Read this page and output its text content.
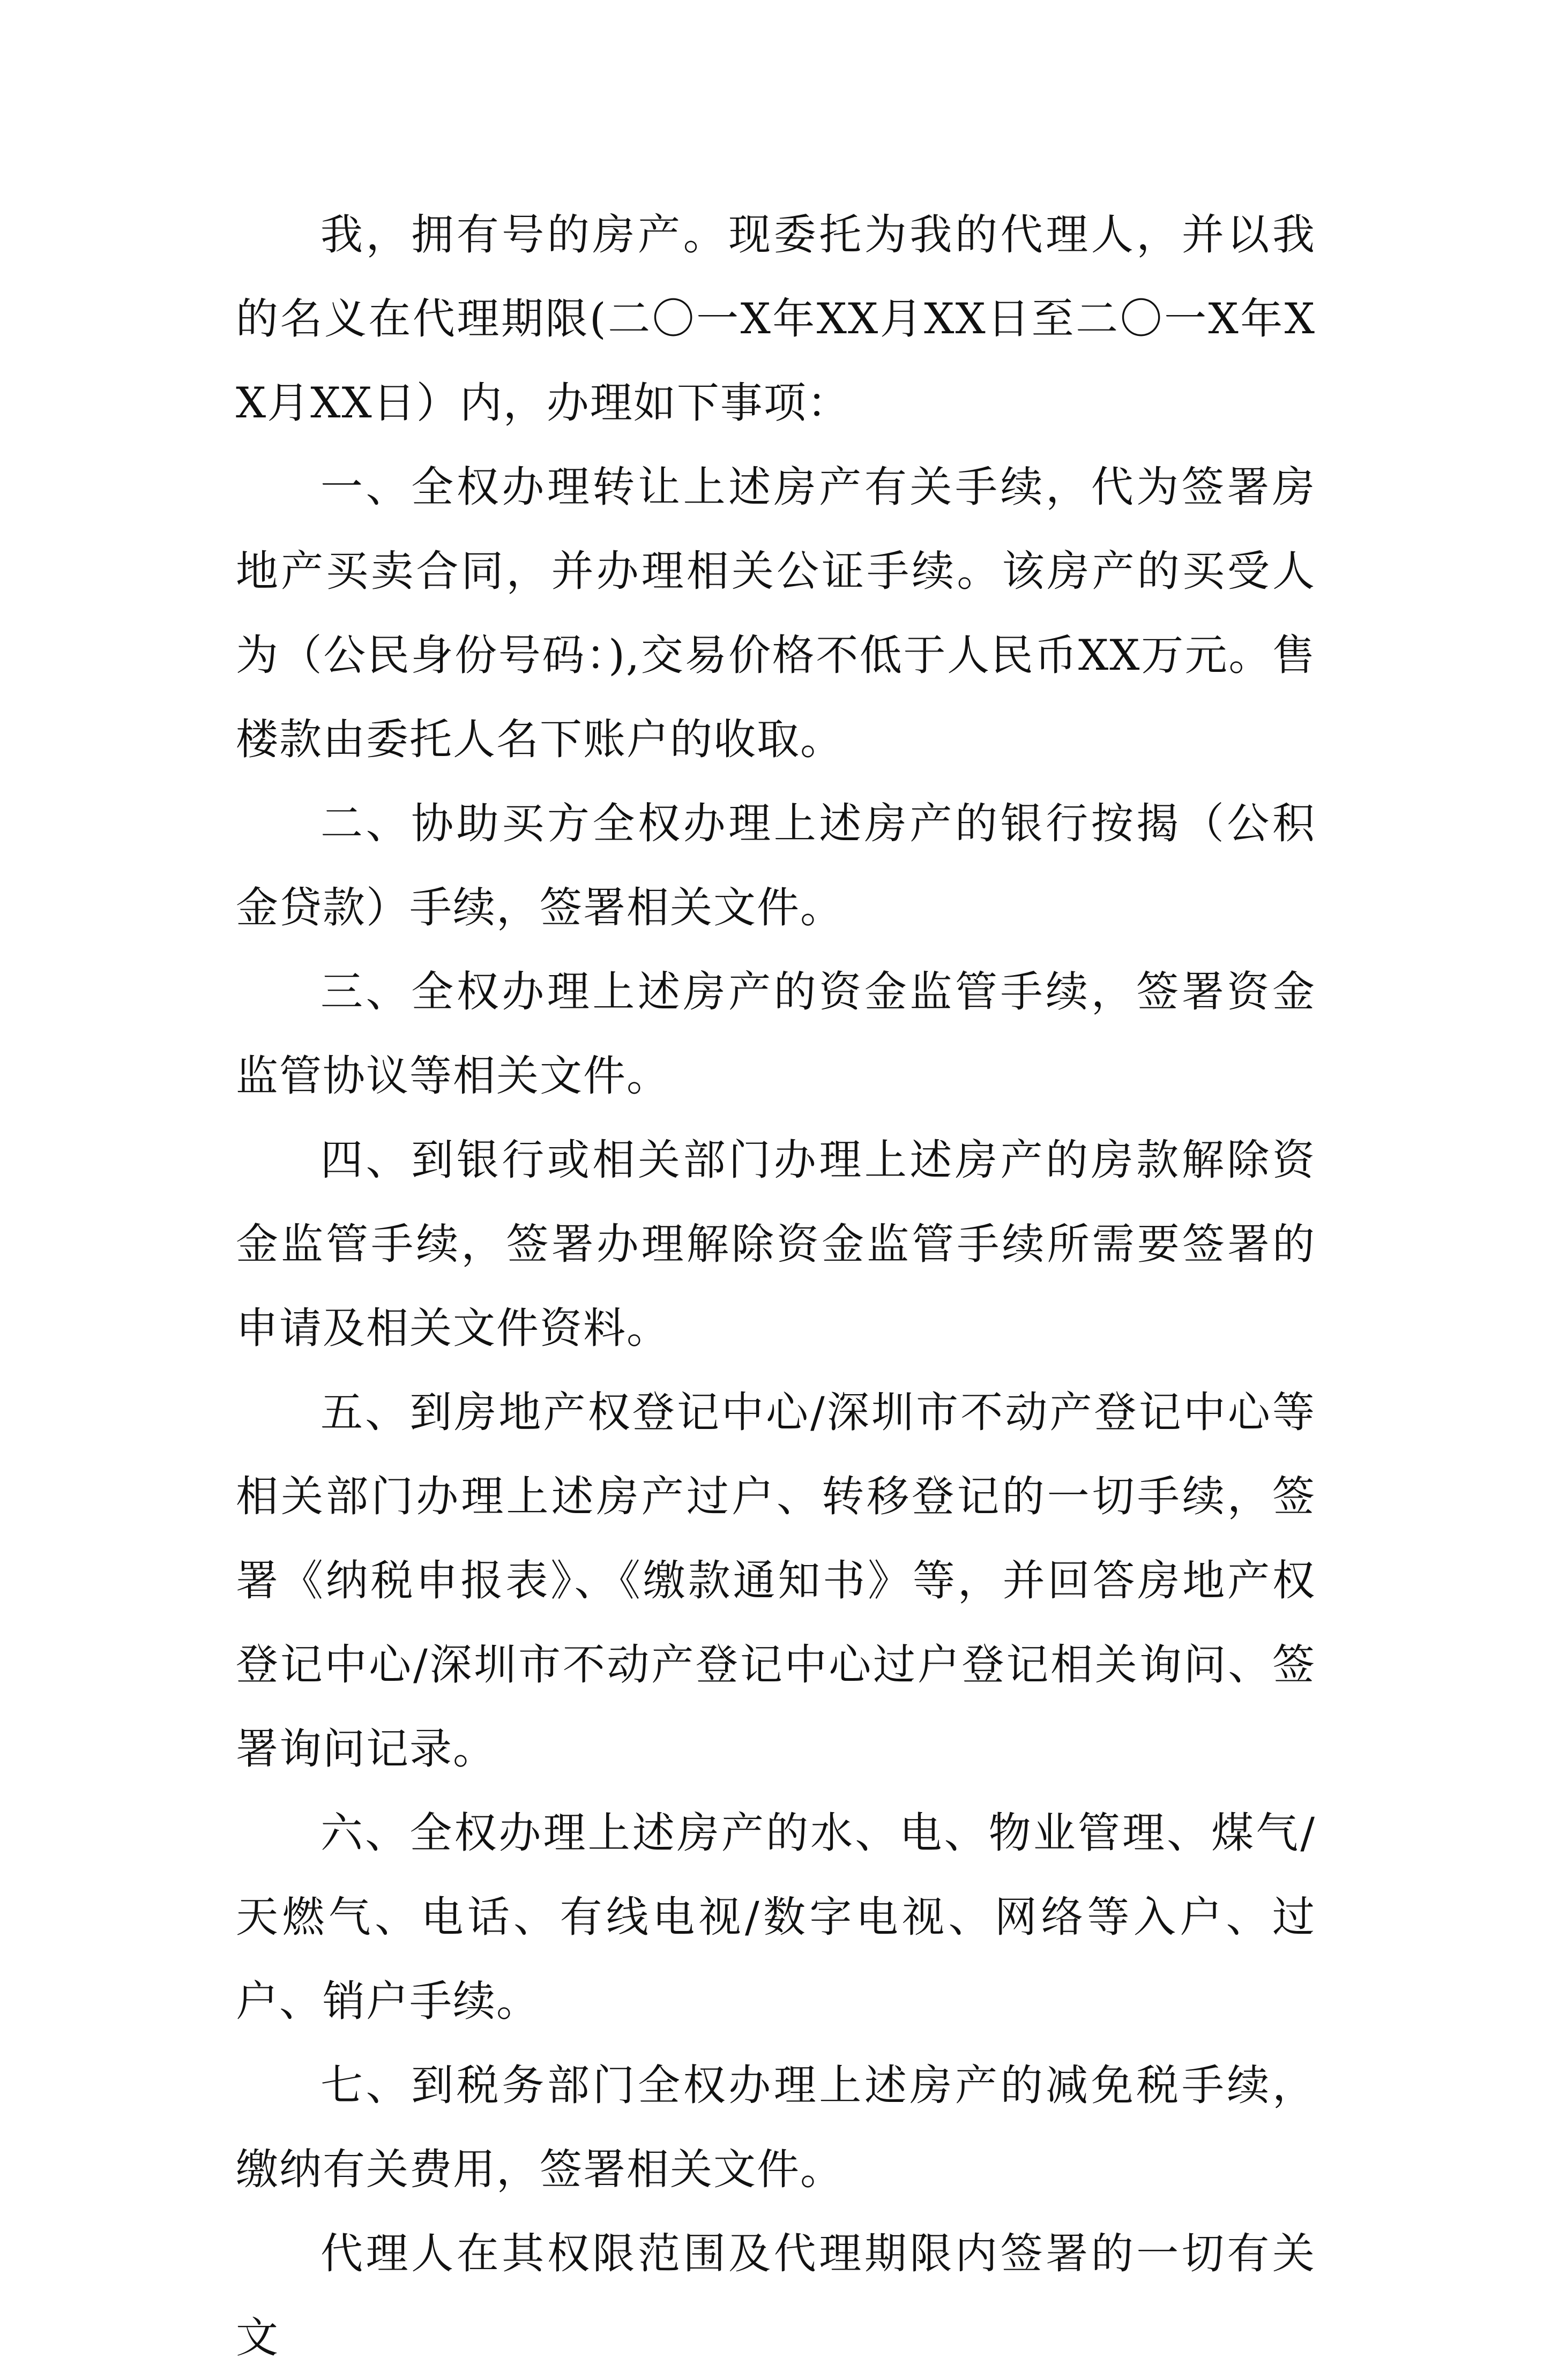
我，拥有号的房产。现委托为我的代理人，并以我的名义在代理期限(二〇一X年XX月XX日至二〇一X年XX月XX日）内，办理如下事项：

一、全权办理转让上述房产有关手续，代为签署房地产买卖合同，并办理相关公证手续。该房产的买受人为（公民身份号码：),交易价格不低于人民币XX万元。售楼款由委托人名下账户的收取。

二、协助买方全权办理上述房产的银行按揭（公积金贷款）手续，签署相关文件。

三、全权办理上述房产的资金监管手续，签署资金监管协议等相关文件。

四、到银行或相关部门办理上述房产的房款解除资金监管手续，签署办理解除资金监管手续所需要签署的申请及相关文件资料。

五、到房地产权登记中心/深圳市不动产登记中心等相关部门办理上述房产过户、转移登记的一切手续，签署《纳税申报表》、《缴款通知书》等，并回答房地产权登记中心/深圳市不动产登记中心过户登记相关询问、签署询问记录。

六、全权办理上述房产的水、电、物业管理、煤气/天燃气、电话、有线电视/数字电视、网络等入户、过户、销户手续。

七、到税务部门全权办理上述房产的减免税手续，缴纳有关费用，签署相关文件。

代理人在其权限范围及代理期限内签署的一切有关文
